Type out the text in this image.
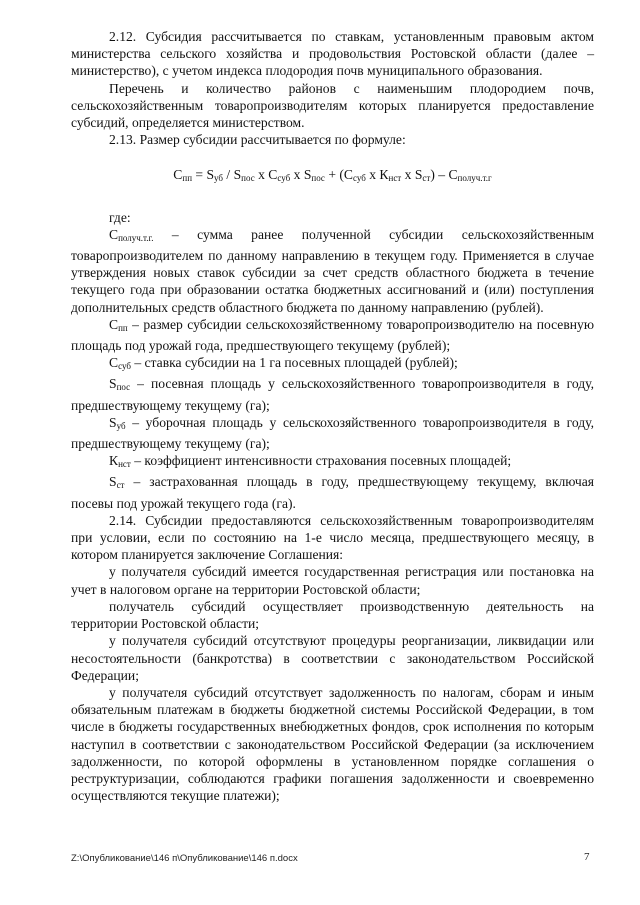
2.12. Субсидия рассчитывается по ставкам, установленным правовым актом министерства сельского хозяйства и продовольствия Ростовской области (далее – министерство), с учетом индекса плодородия почв муниципального образования.

Перечень и количество районов с наименьшим плодородием почв, сельскохозяйственным товаропроизводителям которых планируется предоставление субсидий, определяется министерством.

2.13. Размер субсидии рассчитывается по формуле:

$С_{пп} = S_{уб} / S_{пос}$ x $С_{суб}$ x $S_{пос} + (С_{суб}$ x $К_{нст}$ x $S_{ст}) - С_{получ.т.г}$

где:

$С_{получ.т.г.}$ – сумма ранее полученной субсидии сельскохозяйственным товаропроизводителем по данному направлению в текущем году. Применяется в случае утверждения новых ставок субсидии за счет средств областного бюджета в течение текущего года при образовании остатка бюджетных ассигнований и (или) поступления дополнительных средств областного бюджета по данному направлению (рублей).

$С_{пп}$ – размер субсидии сельскохозяйственному товаропроизводителю на посевную площадь под урожай года, предшествующего текущему (рублей);

$С_{суб}$ – ставка субсидии на 1 га посевных площадей (рублей);

$S_{пос}$ – посевная площадь у сельскохозяйственного товаропроизводителя в году, предшествующему текущему (га);

$S_{уб}$ – уборочная площадь у сельскохозяйственного товаропроизводителя в году, предшествующему текущему (га);

$К_{нст}$ – коэффициент интенсивности страхования посевных площадей;

$S_{ст}$ – застрахованная площадь в году, предшествующему текущему, включая посевы под урожай текущего года (га).

2.14. Субсидии предоставляются сельскохозяйственным товаропроизводителям при условии, если по состоянию на 1-е число месяца, предшествующего месяцу, в котором планируется заключение Соглашения:

у получателя субсидий имеется государственная регистрация или постановка на учет в налоговом органе на территории Ростовской области;

получатель субсидий осуществляет производственную деятельность на территории Ростовской области;

у получателя субсидий отсутствуют процедуры реорганизации, ликвидации или несостоятельности (банкротства) в соответствии с законодательством Российской Федерации;

у получателя субсидий отсутствует задолженность по налогам, сборам и иным обязательным платежам в бюджеты бюджетной системы Российской Федерации, в том числе в бюджеты государственных внебюджетных фондов, срок исполнения по которым наступил в соответствии с законодательством Российской Федерации (за исключением задолженности, по которой оформлены в установленном порядке соглашения о реструктуризации, соблюдаются графики погашения задолженности и своевременно осуществляются текущие платежи);

Z:\Опубликование\146 п\Опубликование\146 п.docx	7
